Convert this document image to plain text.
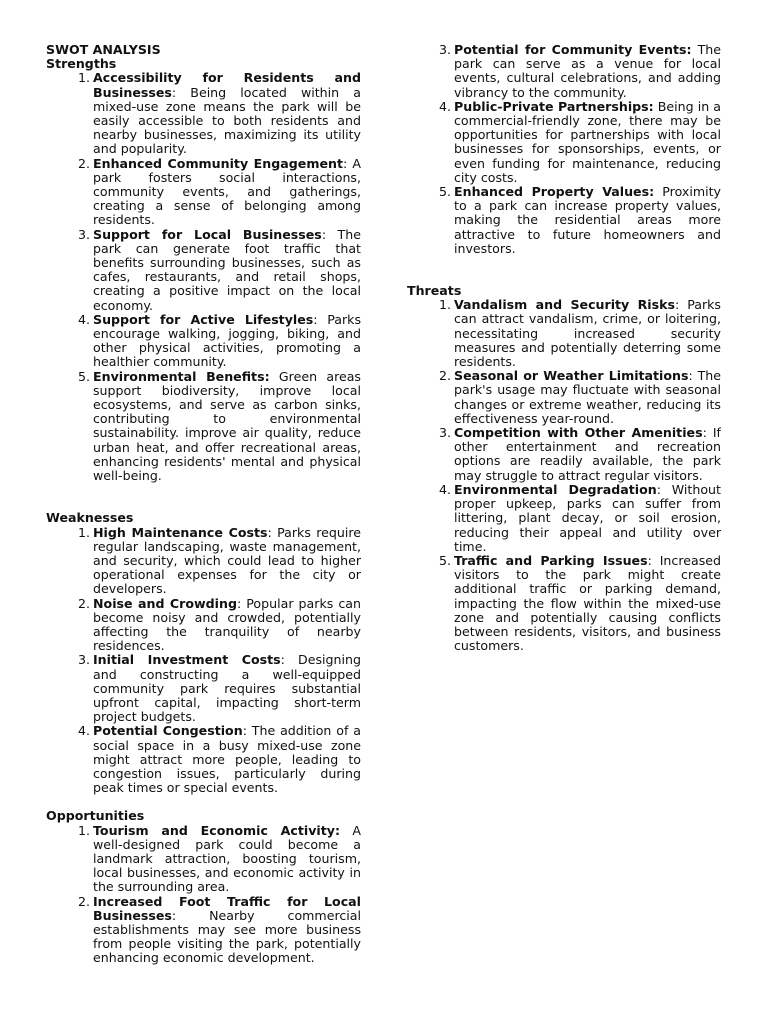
SWOT ANALYSIS

Strengths

1. Accessibility for Residents and Businesses: Being located within a mixed-use zone means the park will be easily accessible to both residents and nearby businesses, maximizing its utility and popularity.
2. Enhanced Community Engagement: A park fosters social interactions, community events, and gatherings, creating a sense of belonging among residents.
3. Support for Local Businesses: The park can generate foot traffic that benefits surrounding businesses, such as cafes, restaurants, and retail shops, creating a positive impact on the local economy.
4. Support for Active Lifestyles: Parks encourage walking, jogging, biking, and other physical activities, promoting a healthier community.
5. Environmental Benefits: Green areas support biodiversity, improve local ecosystems, and serve as carbon sinks, contributing to environmental sustainability. improve air quality, reduce urban heat, and offer recreational areas, enhancing residents' mental and physical well-being.

Weaknesses

1. High Maintenance Costs: Parks require regular landscaping, waste management, and security, which could lead to higher operational expenses for the city or developers.
2. Noise and Crowding: Popular parks can become noisy and crowded, potentially affecting the tranquility of nearby residences.
3. Initial Investment Costs: Designing and constructing a well-equipped community park requires substantial upfront capital, impacting short-term project budgets.
4. Potential Congestion: The addition of a social space in a busy mixed-use zone might attract more people, leading to congestion issues, particularly during peak times or special events.

Opportunities

1. Tourism and Economic Activity: A well-designed park could become a landmark attraction, boosting tourism, local businesses, and economic activity in the surrounding area.
2. Increased Foot Traffic for Local Businesses: Nearby commercial establishments may see more business from people visiting the park, potentially enhancing economic development.
3. Potential for Community Events: The park can serve as a venue for local events, cultural celebrations, and adding vibrancy to the community.
4. Public-Private Partnerships: Being in a commercial-friendly zone, there may be opportunities for partnerships with local businesses for sponsorships, events, or even funding for maintenance, reducing city costs.
5. Enhanced Property Values: Proximity to a park can increase property values, making the residential areas more attractive to future homeowners and investors.

Threats

1. Vandalism and Security Risks: Parks can attract vandalism, crime, or loitering, necessitating increased security measures and potentially deterring some residents.
2. Seasonal or Weather Limitations: The park's usage may fluctuate with seasonal changes or extreme weather, reducing its effectiveness year-round.
3. Competition with Other Amenities: If other entertainment and recreation options are readily available, the park may struggle to attract regular visitors.
4. Environmental Degradation: Without proper upkeep, parks can suffer from littering, plant decay, or soil erosion, reducing their appeal and utility over time.
5. Traffic and Parking Issues: Increased visitors to the park might create additional traffic or parking demand, impacting the flow within the mixed-use zone and potentially causing conflicts between residents, visitors, and business customers.
